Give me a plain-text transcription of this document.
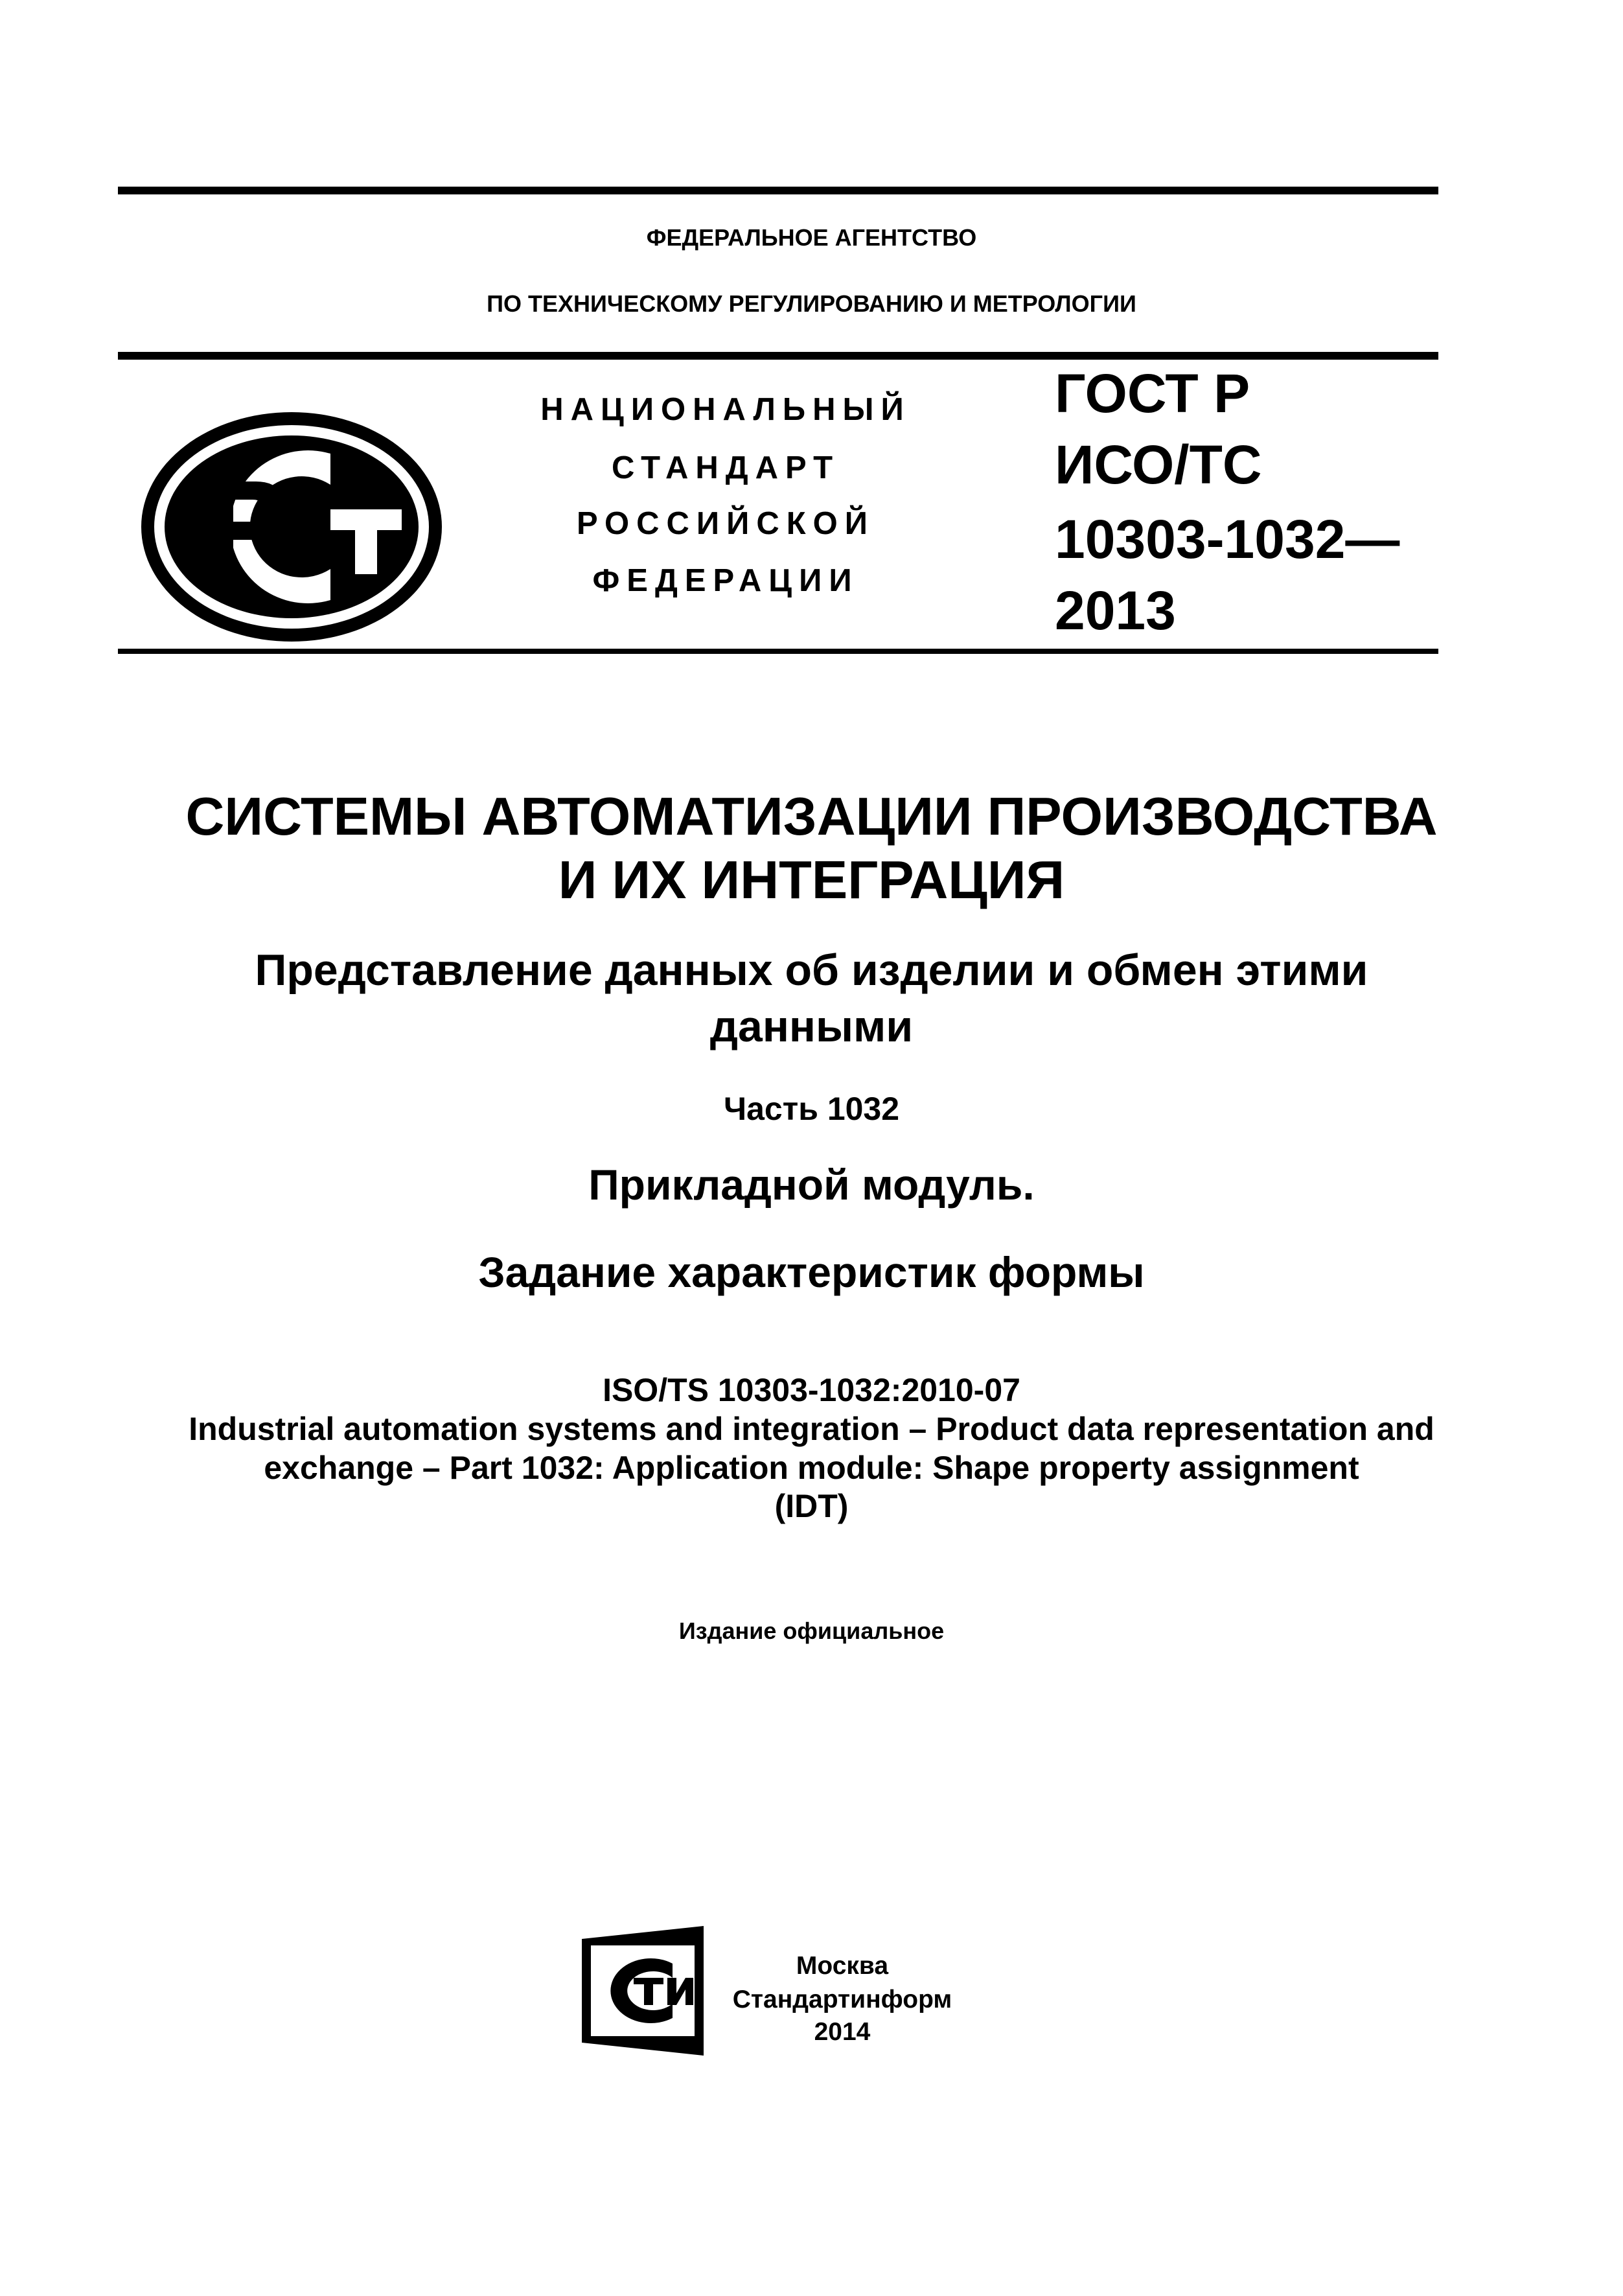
ФЕДЕРАЛЬНОЕ АГЕНТСТВО
ПО ТЕХНИЧЕСКОМУ РЕГУЛИРОВАНИЮ И МЕТРОЛОГИИ
НАЦИОНАЛЬНЫЙ
СТАНДАРТ
РОССИЙСКОЙ
ФЕДЕРАЦИИ
ГОСТ Р
ИСО/ТС
10303-1032—
2013
СИСТЕМЫ АВТОМАТИЗАЦИИ ПРОИЗВОДСТВА
И ИХ ИНТЕГРАЦИЯ
Представление данных об изделии и обмен этими
данными
Часть 1032
Прикладной модуль.
Задание характеристик формы
ISO/TS 10303-1032:2010-07
Industrial automation systems and integration – Product data representation and
exchange – Part 1032: Application module: Shape property assignment
(IDT)
Издание официальное
Москва
Стандартинформ
2014
